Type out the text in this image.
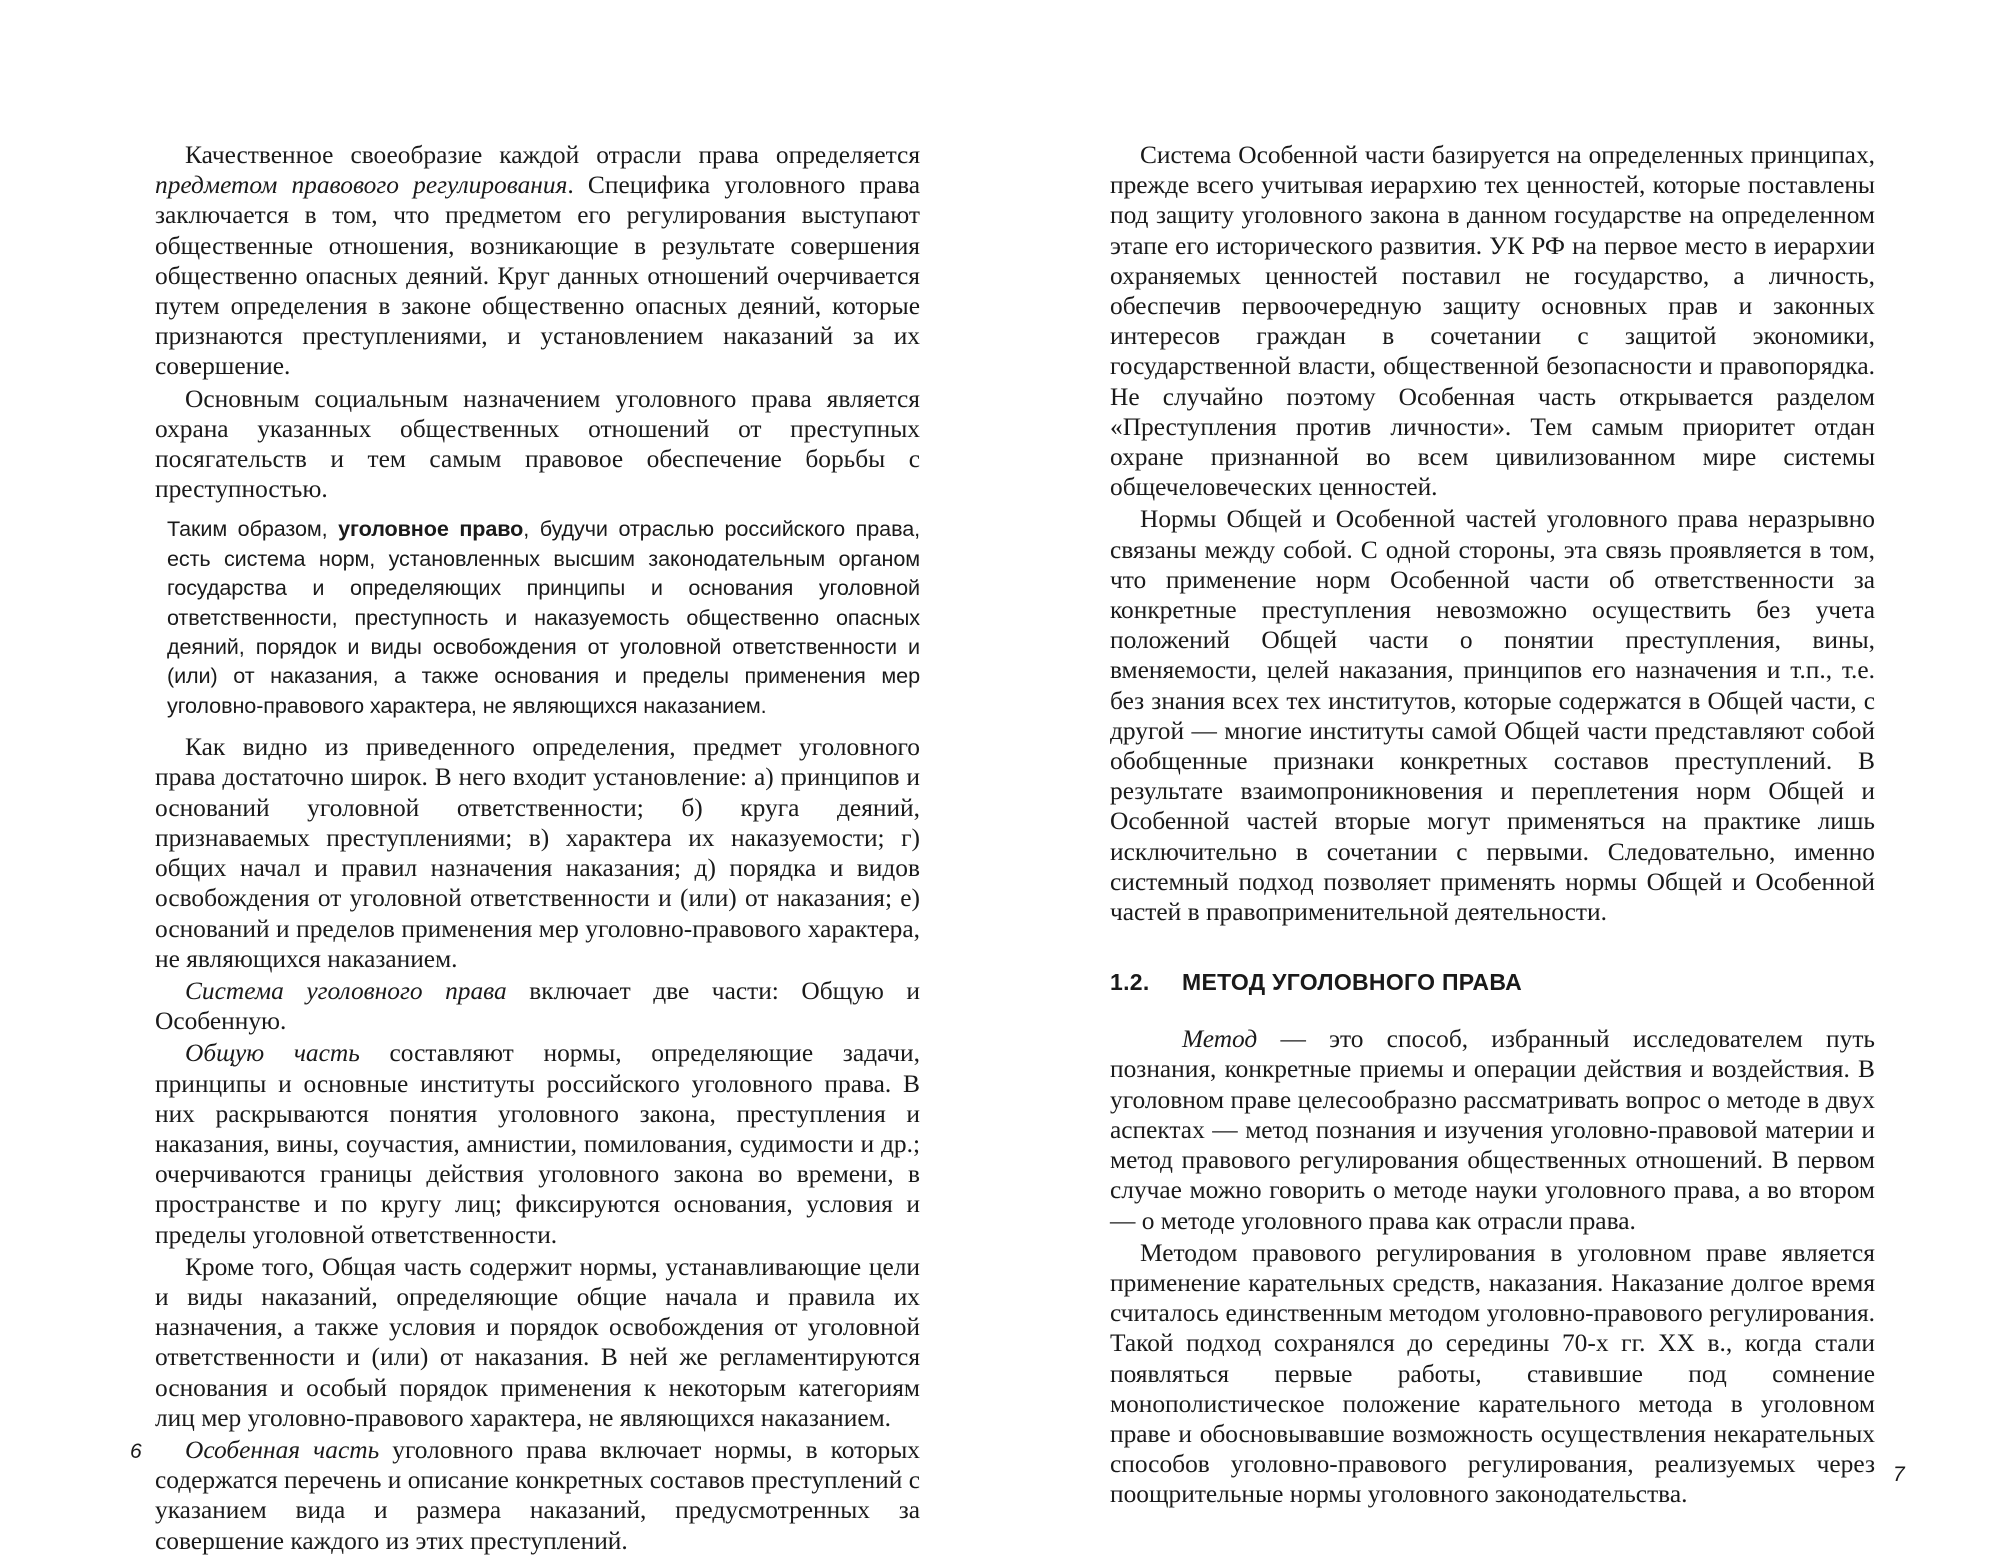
Качественное своеобразие каждой отрасли права определяется предметом правового регулирования. Специфика уголовного права заключается в том, что предметом его регулирования выступают общественные отношения, возникающие в результате совершения общественно опасных деяний. Круг данных отношений очерчивается путем определения в законе общественно опасных деяний, которые признаются преступлениями, и установлением наказаний за их совершение.

Основным социальным назначением уголовного права является охрана указанных общественных отношений от преступных посягательств и тем самым правовое обеспечение борьбы с преступностью.

Таким образом, уголовное право, будучи отраслью российского права, есть система норм, установленных высшим законодательным органом государства и определяющих принципы и основания уголовной ответственности, преступность и наказуемость общественно опасных деяний, порядок и виды освобождения от уголовной ответственности и (или) от наказания, а также основания и пределы применения мер уголовно-правового характера, не являющихся наказанием.

Как видно из приведенного определения, предмет уголовного права достаточно широк. В него входит установление: а) принципов и оснований уголовной ответственности; б) круга деяний, признаваемых преступлениями; в) характера их наказуемости; г) общих начал и правил назначения наказания; д) порядка и видов освобождения от уголовной ответственности и (или) от наказания; е) оснований и пределов применения мер уголовно-правового характера, не являющихся наказанием.

Система уголовного права включает две части: Общую и Особенную.

Общую часть составляют нормы, определяющие задачи, принципы и основные институты российского уголовного права. В них раскрываются понятия уголовного закона, преступления и наказания, вины, соучастия, амнистии, помилования, судимости и др.; очерчиваются границы действия уголовного закона во времени, в пространстве и по кругу лиц; фиксируются основания, условия и пределы уголовной ответственности.

Кроме того, Общая часть содержит нормы, устанавливающие цели и виды наказаний, определяющие общие начала и правила их назначения, а также условия и порядок освобождения от уголовной ответственности и (или) от наказания. В ней же регламентируются основания и особый порядок применения к некоторым категориям лиц мер уголовно-правового характера, не являющихся наказанием.

Особенная часть уголовного права включает нормы, в которых содержатся перечень и описание конкретных составов преступлений с указанием вида и размера наказаний, предусмотренных за совершение каждого из этих преступлений.

6

Система Особенной части базируется на определенных принципах, прежде всего учитывая иерархию тех ценностей, которые поставлены под защиту уголовного закона в данном государстве на определенном этапе его исторического развития. УК РФ на первое место в иерархии охраняемых ценностей поставил не государство, а личность, обеспечив первоочередную защиту основных прав и законных интересов граждан в сочетании с защитой экономики, государственной власти, общественной безопасности и правопорядка. Не случайно поэтому Особенная часть открывается разделом «Преступления против личности». Тем самым приоритет отдан охране признанной во всем цивилизованном мире системы общечеловеческих ценностей.

Нормы Общей и Особенной частей уголовного права неразрывно связаны между собой. С одной стороны, эта связь проявляется в том, что применение норм Особенной части об ответственности за конкретные преступления невозможно осуществить без учета положений Общей части о понятии преступления, вины, вменяемости, целей наказания, принципов его назначения и т.п., т.е. без знания всех тех институтов, которые содержатся в Общей части, с другой — многие институты самой Общей части представляют собой обобщенные признаки конкретных составов преступлений. В результате взаимопроникновения и переплетения норм Общей и Особенной частей вторые могут применяться на практике лишь исключительно в сочетании с первыми. Следовательно, именно системный подход позволяет применять нормы Общей и Особенной частей в правоприменительной деятельности.

1.2. МЕТОД УГОЛОВНОГО ПРАВА

Метод — это способ, избранный исследователем путь познания, конкретные приемы и операции действия и воздействия. В уголовном праве целесообразно рассматривать вопрос о методе в двух аспектах — метод познания и изучения уголовно-правовой материи и метод правового регулирования общественных отношений. В первом случае можно говорить о методе науки уголовного права, а во втором — о методе уголовного права как отрасли права.

Методом правового регулирования в уголовном праве является применение карательных средств, наказания. Наказание долгое время считалось единственным методом уголовно-правового регулирования. Такой подход сохранялся до середины 70-х гг. XX в., когда стали появляться первые работы, ставившие под сомнение монополистическое положение карательного метода в уголовном праве и обосновывавшие возможность осуществления некарательных способов уголовно-правового регулирования, реализуемых через поощрительные нормы уголовного законодательства.

7
